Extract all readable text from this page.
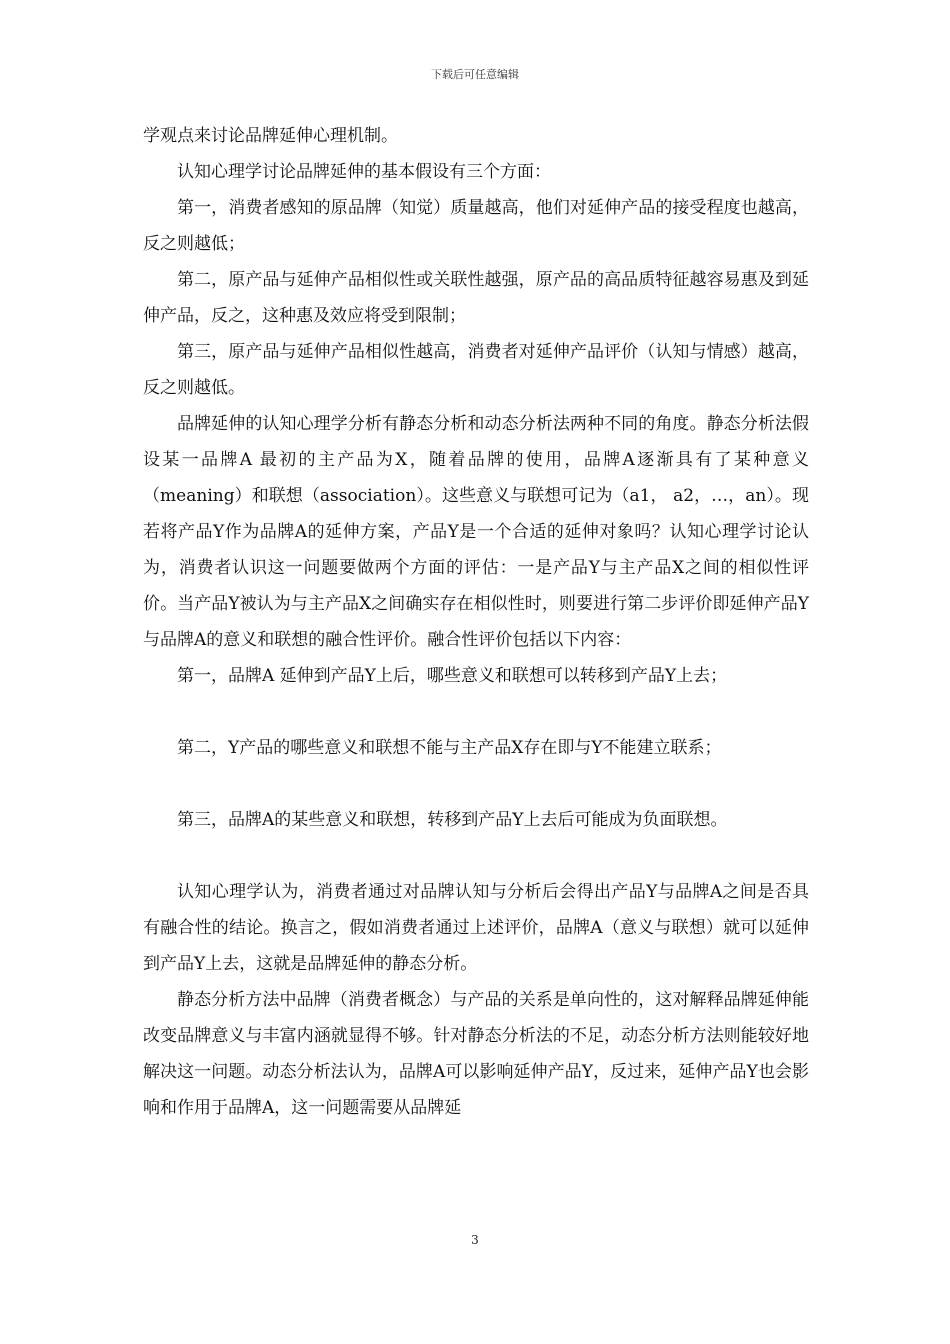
下载后可任意编辑

学观点来讨论品牌延伸心理机制。

认知心理学讨论品牌延伸的基本假设有三个方面：

第一，消费者感知的原品牌（知觉）质量越高，他们对延伸产品的接受程度也越高，反之则越低；

第二，原产品与延伸产品相似性或关联性越强，原产品的高品质特征越容易惠及到延伸产品，反之，这种惠及效应将受到限制；

第三，原产品与延伸产品相似性越高，消费者对延伸产品评价（认知与情感）越高，反之则越低。

品牌延伸的认知心理学分析有静态分析和动态分析法两种不同的角度。静态分析法假设某一品牌A 最初的主产品为X，随着品牌的使用，品牌A逐渐具有了某种意义（meaning）和联想（association）。这些意义与联想可记为（a1， a2，…，an）。现若将产品Y作为品牌A的延伸方案，产品Y是一个合适的延伸对象吗？认知心理学讨论认为，消费者认识这一问题要做两个方面的评估：一是产品Y与主产品X之间的相似性评价。当产品Y被认为与主产品X之间确实存在相似性时，则要进行第二步评价即延伸产品Y与品牌A的意义和联想的融合性评价。融合性评价包括以下内容：

第一，品牌A 延伸到产品Y上后，哪些意义和联想可以转移到产品Y上去；

第二，Y产品的哪些意义和联想不能与主产品X存在即与Y不能建立联系；

第三，品牌A的某些意义和联想，转移到产品Y上去后可能成为负面联想。

认知心理学认为，消费者通过对品牌认知与分析后会得出产品Y与品牌A之间是否具有融合性的结论。换言之，假如消费者通过上述评价，品牌A（意义与联想）就可以延伸到产品Y上去，这就是品牌延伸的静态分析。

静态分析方法中品牌（消费者概念）与产品的关系是单向性的，这对解释品牌延伸能改变品牌意义与丰富内涵就显得不够。针对静态分析法的不足，动态分析方法则能较好地解决这一问题。动态分析法认为，品牌A可以影响延伸产品Y，反过来，延伸产品Y也会影响和作用于品牌A，这一问题需要从品牌延

3
